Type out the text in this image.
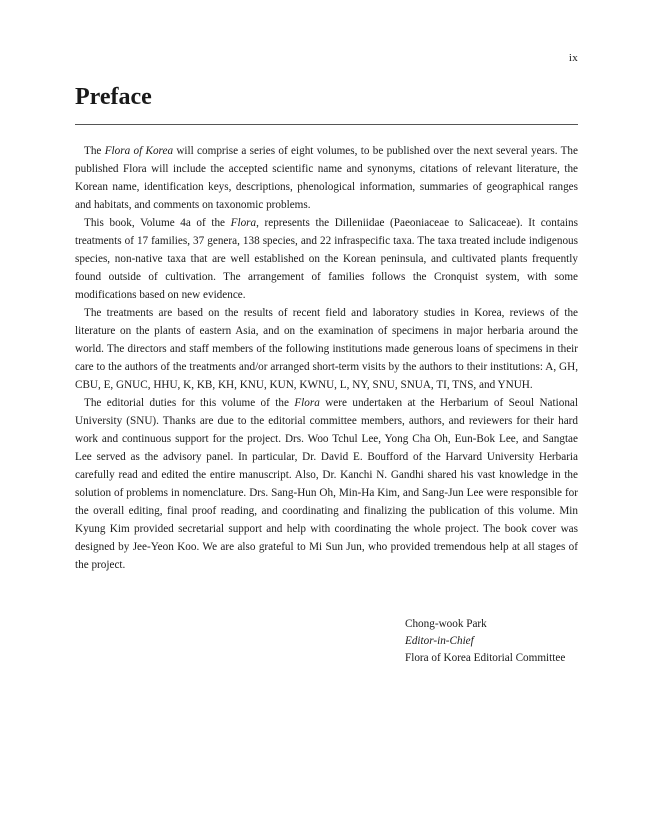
ix
Preface

The Flora of Korea will comprise a series of eight volumes, to be published over the next several years. The published Flora will include the accepted scientific name and synonyms, citations of relevant literature, the Korean name, identification keys, descriptions, phenological information, summaries of geographical ranges and habitats, and comments on taxonomic problems.

This book, Volume 4a of the Flora, represents the Dilleniidae (Paeoniaceae to Salicaceae). It contains treatments of 17 families, 37 genera, 138 species, and 22 infraspecific taxa. The taxa treated include indigenous species, non-native taxa that are well established on the Korean peninsula, and cultivated plants frequently found outside of cultivation. The arrangement of families follows the Cronquist system, with some modifications based on new evidence.

The treatments are based on the results of recent field and laboratory studies in Korea, reviews of the literature on the plants of eastern Asia, and on the examination of specimens in major herbaria around the world. The directors and staff members of the following institutions made generous loans of specimens in their care to the authors of the treatments and/or arranged short-term visits by the authors to their institutions: A, GH, CBU, E, GNUC, HHU, K, KB, KH, KNU, KUN, KWNU, L, NY, SNU, SNUA, TI, TNS, and YNUH.

The editorial duties for this volume of the Flora were undertaken at the Herbarium of Seoul National University (SNU). Thanks are due to the editorial committee members, authors, and reviewers for their hard work and continuous support for the project. Drs. Woo Tchul Lee, Yong Cha Oh, Eun-Bok Lee, and Sangtae Lee served as the advisory panel. In particular, Dr. David E. Boufford of the Harvard University Herbaria carefully read and edited the entire manuscript. Also, Dr. Kanchi N. Gandhi shared his vast knowledge in the solution of problems in nomenclature. Drs. Sang-Hun Oh, Min-Ha Kim, and Sang-Jun Lee were responsible for the overall editing, final proof reading, and coordinating and finalizing the publication of this volume. Min Kyung Kim provided secretarial support and help with coordinating the whole project. The book cover was designed by Jee-Yeon Koo. We are also grateful to Mi Sun Jun, who provided tremendous help at all stages of the project.

Chong-wook Park
Editor-in-Chief
Flora of Korea Editorial Committee
